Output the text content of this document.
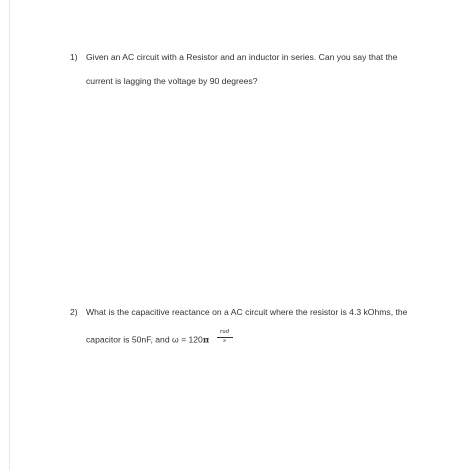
1) Given an AC circuit with a Resistor and an inductor in series. Can you say that the
current is lagging the voltage by 90 degrees?
2) What is the capacitive reactance on a AC circuit where the resistor is 4.3 kOhms, the
capacitor is 50nF, and $\omega = 120\pi \frac{\text{rad}}{s}$
